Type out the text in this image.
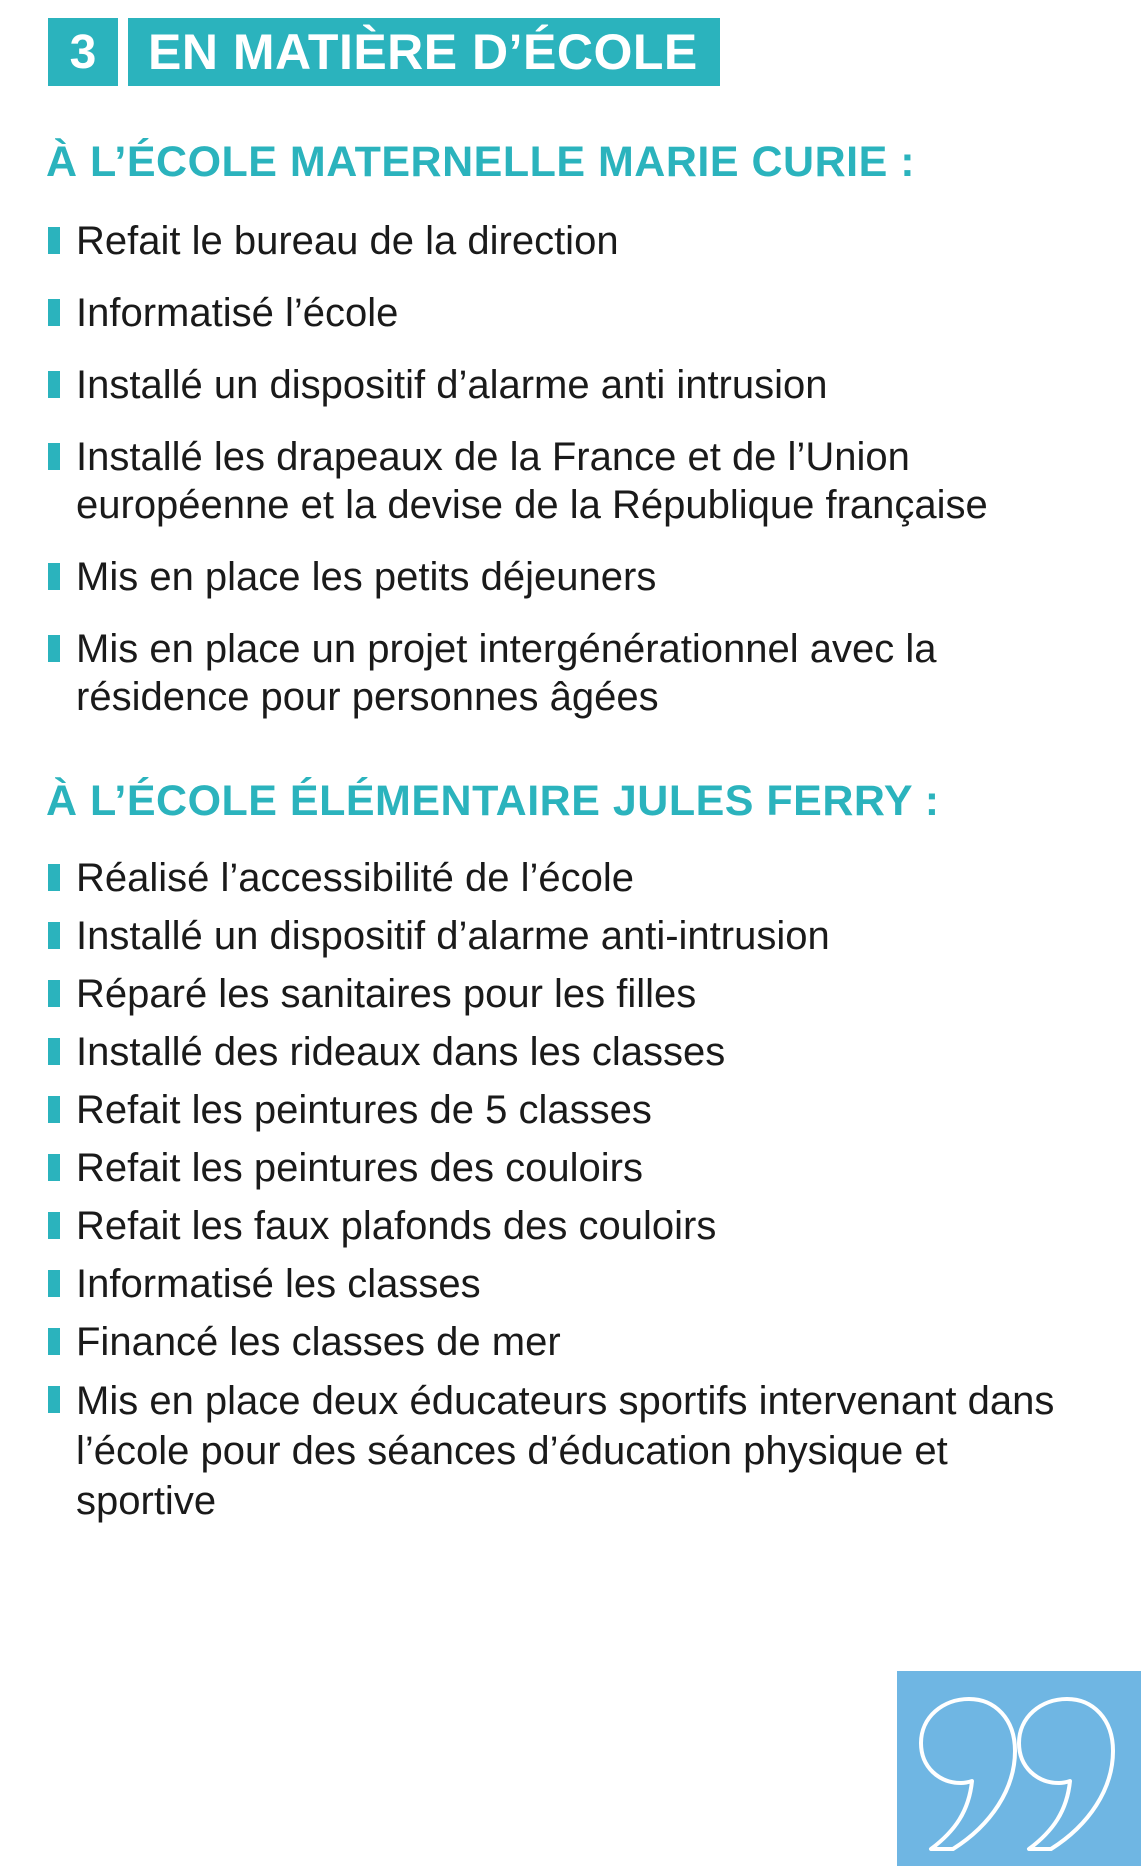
3	EN MATIÈRE D’ÉCOLE
À L’ÉCOLE MATERNELLE MARIE CURIE :
Refait le bureau de la direction
Informatisé l’école
Installé un dispositif d’alarme anti intrusion
Installé les drapeaux de la France et de l’Union européenne et la devise de la République française
Mis en place les petits déjeuners
Mis en place un projet intergénérationnel avec la résidence pour personnes âgées
À L’ÉCOLE ÉLÉMENTAIRE JULES FERRY :
Réalisé l’accessibilité de l’école
Installé un dispositif d’alarme anti-intrusion
Réparé les sanitaires pour les filles
Installé des rideaux dans les classes
Refait les peintures de 5 classes
Refait les peintures des couloirs
Refait les faux plafonds des couloirs
Informatisé les classes
Financé les classes de mer
Mis en place deux éducateurs sportifs intervenant dans l’école pour des séances d’éducation physique et sportive
